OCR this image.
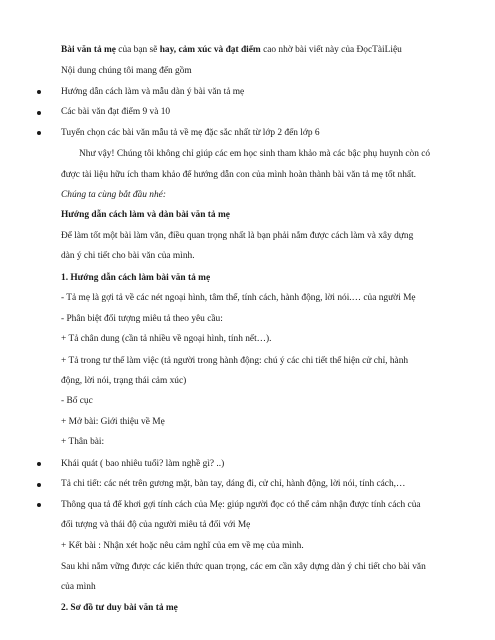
Bài văn tả mẹ của bạn sẽ hay, cảm xúc và đạt điểm cao nhờ bài viết này của ĐọcTàiLiệu
Nội dung chúng tôi mang đến gồm
Hướng dẫn cách làm và mẫu dàn ý bài văn tả mẹ
Các bài văn đạt điểm 9 và 10
Tuyển chọn các bài văn mẫu tả về mẹ đặc sắc nhất từ lớp 2 đến lớp 6
Như vậy! Chúng tôi không chỉ giúp các em học sinh tham khảo mà các bậc phụ huynh còn có
được tài liệu hữu ích tham khảo để hướng dẫn con của mình hoàn thành bài văn tả mẹ tốt nhất.
Chúng ta cùng bắt đầu nhé:
Hướng dẫn cách làm và dàn bài văn tả mẹ
Để làm tốt một bài làm văn, điều quan trọng nhất là bạn phải nắm được cách làm và xây dựng
dàn ý chi tiết cho bài văn của mình.
1. Hướng dẫn cách làm bài văn tả mẹ
- Tả mẹ là gợi tả về các nét ngoại hình, tâm thế, tính cách, hành động, lời nói.… của người Mẹ
- Phân biệt đối tượng miêu tả theo yêu cầu:
+ Tả chân dung (cần tả nhiều về ngoại hình, tính nết…).
+ Tả trong tư thế làm việc (tả người trong hành động: chú ý các chi tiết thể hiện cử chỉ, hành
động, lời nói, trạng thái cảm xúc)
- Bố cục
+ Mở bài: Giới thiệu về Mẹ
+ Thân bài:
Khái quát ( bao nhiêu tuổi? làm nghề gì? ..)
Tả chi tiết: các nét trên gương mặt, bàn tay, dáng đi, cử chỉ, hành động, lời nói, tính cách,…
Thông qua tả để khơi gợi tính cách của Mẹ: giúp người đọc có thể cảm nhận được tính cách của
đối tượng và thái độ của người miêu tả đối với Mẹ
+ Kết bài : Nhận xét hoặc nêu cảm nghĩ của em về mẹ của mình.
Sau khi nắm vững được các kiến thức quan trọng, các em cần xây dựng dàn ý chi tiết cho bài văn
của mình
2. Sơ đồ tư duy bài văn tả mẹ
